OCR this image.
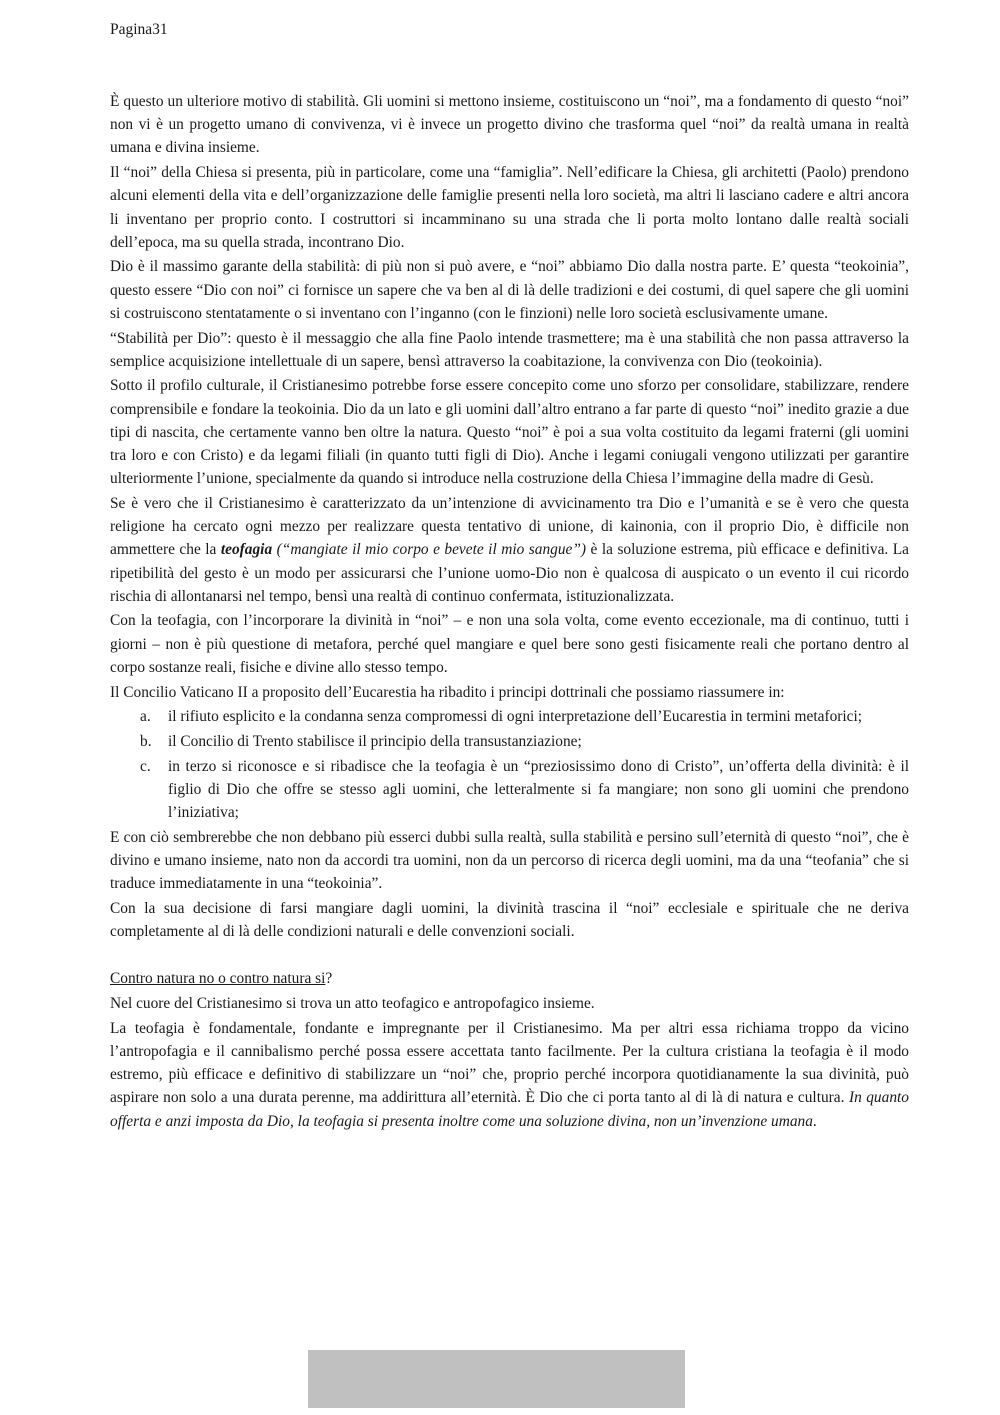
Pagina31

È questo un ulteriore motivo di stabilità. Gli uomini si mettono insieme, costituiscono un “noi”, ma a fondamento di questo “noi” non vi è un progetto umano di convivenza, vi è invece un progetto divino che trasforma quel “noi” da realtà umana in realtà umana e divina insieme.

Il “noi” della Chiesa si presenta, più in particolare, come una “famiglia”. Nell’edificare la Chiesa, gli architetti (Paolo) prendono alcuni elementi della vita e dell’organizzazione delle famiglie presenti nella loro società, ma altri li lasciano cadere e altri ancora li inventano per proprio conto. I costruttori si incamminano su una strada che li porta molto lontano dalle realtà sociali dell’epoca, ma su quella strada, incontrano Dio.

Dio è il massimo garante della stabilità: di più non si può avere, e “noi” abbiamo Dio dalla nostra parte. E’ questa “teokoinia”, questo essere “Dio con noi” ci fornisce un sapere che va ben al di là delle tradizioni e dei costumi, di quel sapere che gli uomini si costruiscono stentatamente o si inventano con l’inganno (con le finzioni) nelle loro società esclusivamente umane.

“Stabilità per Dio”: questo è il messaggio che alla fine Paolo intende trasmettere; ma è una stabilità che non passa attraverso la semplice acquisizione intellettuale di un sapere, bensì attraverso la coabitazione, la convivenza con Dio (teokoinia).

Sotto il profilo culturale, il Cristianesimo potrebbe forse essere concepito come uno sforzo per consolidare, stabilizzare, rendere comprensibile e fondare la teokoinia. Dio da un lato e gli uomini dall’altro entrano a far parte di questo “noi” inedito grazie a due tipi di nascita, che certamente vanno ben oltre la natura. Questo “noi” è poi a sua volta costituito da legami fraterni (gli uomini tra loro e con Cristo) e da legami filiali (in quanto tutti figli di Dio). Anche i legami coniugali vengono utilizzati per garantire ulteriormente l’unione, specialmente da quando si introduce nella costruzione della Chiesa l’immagine della madre di Gesù.

Se è vero che il Cristianesimo è caratterizzato da un’intenzione di avvicinamento tra Dio e l’umanità e se è vero che questa religione ha cercato ogni mezzo per realizzare questa tentativo di unione, di kainonia, con il proprio Dio, è difficile non ammettere che la teofagia (“mangiate il mio corpo e bevete il mio sangue”) è la soluzione estrema, più efficace e definitiva. La ripetibilità del gesto è un modo per assicurarsi che l’unione uomo-Dio non è qualcosa di auspicato o un evento il cui ricordo rischia di allontanarsi nel tempo, bensì una realtà di continuo confermata, istituzionalizzata.

Con la teofagia, con l’incorporare la divinità in “noi” – e non una sola volta, come evento eccezionale, ma di continuo, tutti i giorni – non è più questione di metafora, perché quel mangiare e quel bere sono gesti fisicamente reali che portano dentro al corpo sostanze reali, fisiche e divine allo stesso tempo.

Il Concilio Vaticano II a proposito dell’Eucarestia ha ribadito i principi dottrinali che possiamo riassumere in:

a. il rifiuto esplicito e la condanna senza compromessi di ogni interpretazione dell’Eucarestia in termini metaforici;
b. il Concilio di Trento stabilisce il principio della transustanziazione;
c. in terzo si riconosce e si ribadisce che la teofagia è un “preziosissimo dono di Cristo”, un’offerta della divinità: è il figlio di Dio che offre se stesso agli uomini, che letteralmente si fa mangiare; non sono gli uomini che prendono l’iniziativa;

E con ciò sembrerebbe che non debbano più esserci dubbi sulla realtà, sulla stabilità e persino sull’eternità di questo “noi”, che è divino e umano insieme, nato non da accordi tra uomini, non da un percorso di ricerca degli uomini, ma da una “teofania” che si traduce immediatamente in una “teokoinia”.

Con la sua decisione di farsi mangiare dagli uomini, la divinità trascina il “noi” ecclesiale e spirituale che ne deriva completamente al di là delle condizioni naturali e delle convenzioni sociali.

Contro natura no o contro natura si?

Nel cuore del Cristianesimo si trova un atto teofagico e antropofagico insieme.

La teofagia è fondamentale, fondante e impregnante per il Cristianesimo. Ma per altri essa richiama troppo da vicino l’antropofagia e il cannibalismo perché possa essere accettata tanto facilmente. Per la cultura cristiana la teofagia è il modo estremo, più efficace e definitivo di stabilizzare un “noi” che, proprio perché incorpora quotidianamente la sua divinità, può aspirare non solo a una durata perenne, ma addirittura all’eternità. È Dio che ci porta tanto al di là di natura e cultura. In quanto offerta e anzi imposta da Dio, la teofagia si presenta inoltre come una soluzione divina, non un’invenzione umana.
